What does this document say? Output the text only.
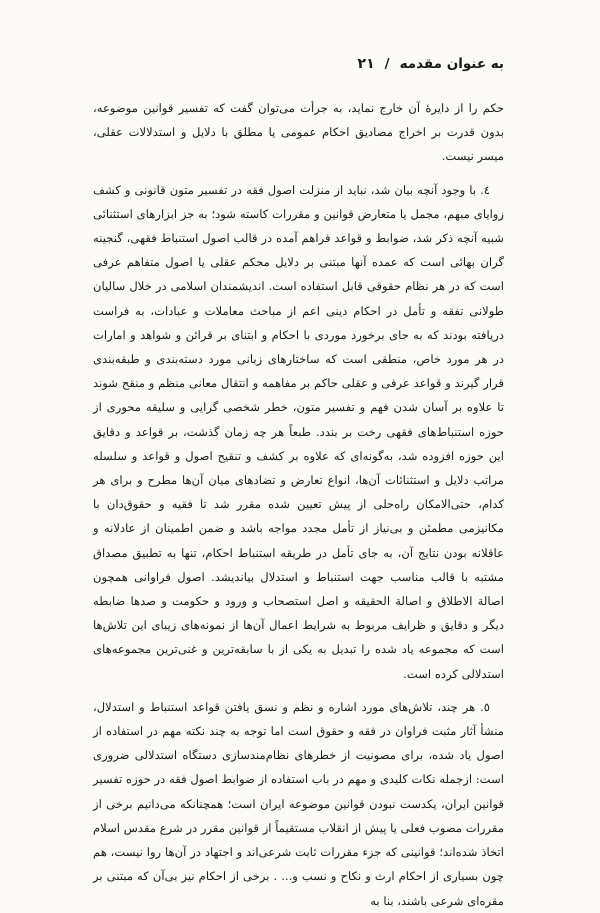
به عنوان مقدمه
/
۲۱

حکم را از دایرهٔ آن خارج نماید، به جرأت می‌توان گفت که تفسیر قوانین موضوعه، بدون قدرت بر اخراج مصادیق احکام عمومی یا مطلق با دلایل و استدلالات عقلی، میسر نیست.

٤. با وجود آنچه بیان شد، نباید از منزلت اصول فقه در تفسیر متون قانونی و کشف زوایای مبهم، مجمل یا متعارض قوانین و مقررات کاسته شود؛ به جز ابزارهای استثنائی شبیه آنچه ذکر شد، ضوابط و قواعد فراهم آمده در قالب اصول استنباط فقهی، گنجینه گران بهائی است که عمده آنها مبتنی بر دلایل محکم عقلی یا اصول متفاهم عرفی است که در هر نظام حقوقی قابل استفاده است. اندیشمندان اسلامی در خلال سالیان طولانی تفقه و تأمل در احکام دینی اعم از مباحث معاملات و عبادات، به فراست دریافته بودند که به جای برخورد موردی با احکام و ابتنای بر قرائن و شواهد و امارات در هر مورد خاص، منطقی است که ساختارهای زبانی مورد دسته‌بندی و طبقه‌بندی قرار گیرند و قواعد عرفی و عقلی حاکم بر مفاهمه و انتقال معانی منظم و منقح شوند تا علاوه بر آسان شدن فهم و تفسیر متون، خطر شخصی گرایی و سلیقه محوری از حوزه استنباط‌های فقهی رخت بر بندد. طبعاً هر چه زمان گذشت، بر قواعد و دقایق این حوزه افزوده شد، به‌گونه‌ای که علاوه بر کشف و تنقیح اصول و قواعد و سلسله مراتب دلایل و استثنائات آن‌ها، انواع تعارض و تضادهای میان آن‌ها مطرح و برای هر کدام، حتی‌الامکان راه‌حلی از پیش تعیین شده مقرر شد تا فقیه و حقوق‌دان با مکانیزمی مطمئن و بی‌نیاز از تأمل مجدد مواجه باشد و ضمن اطمینان از عادلانه و عاقلانه بودن نتایج آن، به جای تأمل در طریقه استنباط احکام، تنها به تطبیق مصداق مشتبه با قالب مناسب جهت استنباط و استدلال بیاندیشد. اصول فراوانی همچون اصالة الاطلاق و اصالة الحقیقه و اصل استصحاب و ورود و حکومت و صدها ضابطه دیگر و دقایق و ظرایف مربوط به شرایط اعمال آن‌ها از نمونه‌های زیبای این تلاش‌ها است که مجموعه یاد شده را تبدیل به یکی از با سابقه‌ترین و غنی‌ترین مجموعه‌های استدلالی کرده است.

٥. هر چند، تلاش‌های مورد اشاره و نظم و نسق یافتن قواعد استنباط و استدلال، منشأ آثار مثبت فراوان در فقه و حقوق است اما توجه به چند نکته مهم در استفاده از اصول یاد شده، برای مصونیت از خطرهای نظام‌مندسازی دستگاه استدلالی ضروری است: ازجمله نکات کلیدی و مهم در باب استفاده از ضوابط اصول فقه در حوزه تفسیر قوانین ایران، یکدست نبودن قوانین موضوعه ایران است؛ همچنانکه می‌دانیم برخی از مقررات مصوب فعلی یا پیش از انقلاب مستقیماً از قوانین مقرر در شرع مقدس اسلام اتخاذ شده‌اند؛ قوانینی که جزء مقررات ثابت شرعی‌اند و اجتهاد در آن‌ها روا نیست، هم چون بسیاری از احکام ارث و نکاح و نسب و... . برخی از احکام نیز بی‌آن که مبتنی بر مقره‌ای شرعی باشند، بنا به
